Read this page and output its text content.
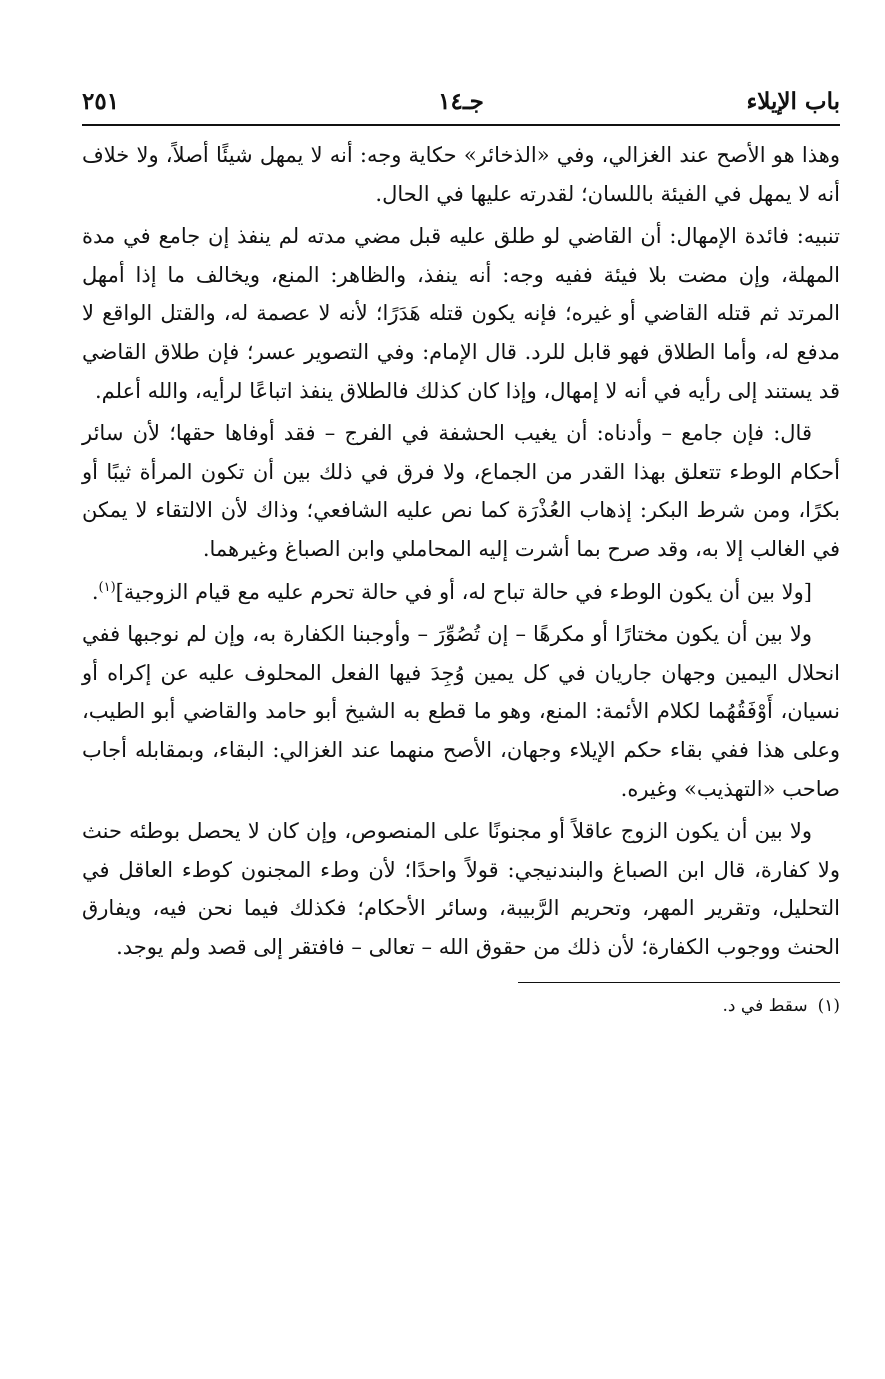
باب الإيلاء
جـ١٤
٢٥١

وهذا هو الأصح عند الغزالي، وفي «الذخائر» حكاية وجه: أنه لا يمهل شيئًا أصلاً، ولا خلاف أنه لا يمهل في الفيئة باللسان؛ لقدرته عليها في الحال.

تنبيه: فائدة الإمهال: أن القاضي لو طلق عليه قبل مضي مدته لم ينفذ إن جامع في مدة المهلة، وإن مضت بلا فيئة ففيه وجه: أنه ينفذ، والظاهر: المنع، ويخالف ما إذا أمهل المرتد ثم قتله القاضي أو غيره؛ فإنه يكون قتله هَدَرًا؛ لأنه لا عصمة له، والقتل الواقع لا مدفع له، وأما الطلاق فهو قابل للرد. قال الإمام: وفي التصوير عسر؛ فإن طلاق القاضي قد يستند إلى رأيه في أنه لا إمهال، وإذا كان كذلك فالطلاق ينفذ اتباعًا لرأيه، والله أعلم.

قال: فإن جامع – وأدناه: أن يغيب الحشفة في الفرج – فقد أوفاها حقها؛ لأن سائر أحكام الوطء تتعلق بهذا القدر من الجماع، ولا فرق في ذلك بين أن تكون المرأة ثيبًا أو بكرًا، ومن شرط البكر: إذهاب العُذْرَة كما نص عليه الشافعي؛ وذاك لأن الالتقاء لا يمكن في الغالب إلا به، وقد صرح بما أشرت إليه المحاملي وابن الصباغ وغيرهما.

[ولا بين أن يكون الوطء في حالة تباح له، أو في حالة تحرم عليه مع قيام الزوجية]$^{(١)}$.

ولا بين أن يكون مختارًا أو مكرهًا – إن تُصُوِّرَ – وأوجبنا الكفارة به، وإن لم نوجبها ففي انحلال اليمين وجهان جاريان في كل يمين وُجِدَ فيها الفعل المحلوف عليه عن إكراه أو نسيان، أَوْفَقُهُما لكلام الأئمة: المنع، وهو ما قطع به الشيخ أبو حامد والقاضي أبو الطيب، وعلى هذا ففي بقاء حكم الإيلاء وجهان، الأصح منهما عند الغزالي: البقاء، وبمقابله أجاب صاحب «التهذيب» وغيره.

ولا بين أن يكون الزوج عاقلاً أو مجنونًا على المنصوص، وإن كان لا يحصل بوطئه حنث ولا كفارة، قال ابن الصباغ والبندنيجي: قولاً واحدًا؛ لأن وطء المجنون كوطء العاقل في التحليل، وتقرير المهر، وتحريم الرَّبيبة، وسائر الأحكام؛ فكذلك فيما نحن فيه، ويفارق الحنث ووجوب الكفارة؛ لأن ذلك من حقوق الله – تعالى – فافتقر إلى قصد ولم يوجد.

(١)سقط في د.
